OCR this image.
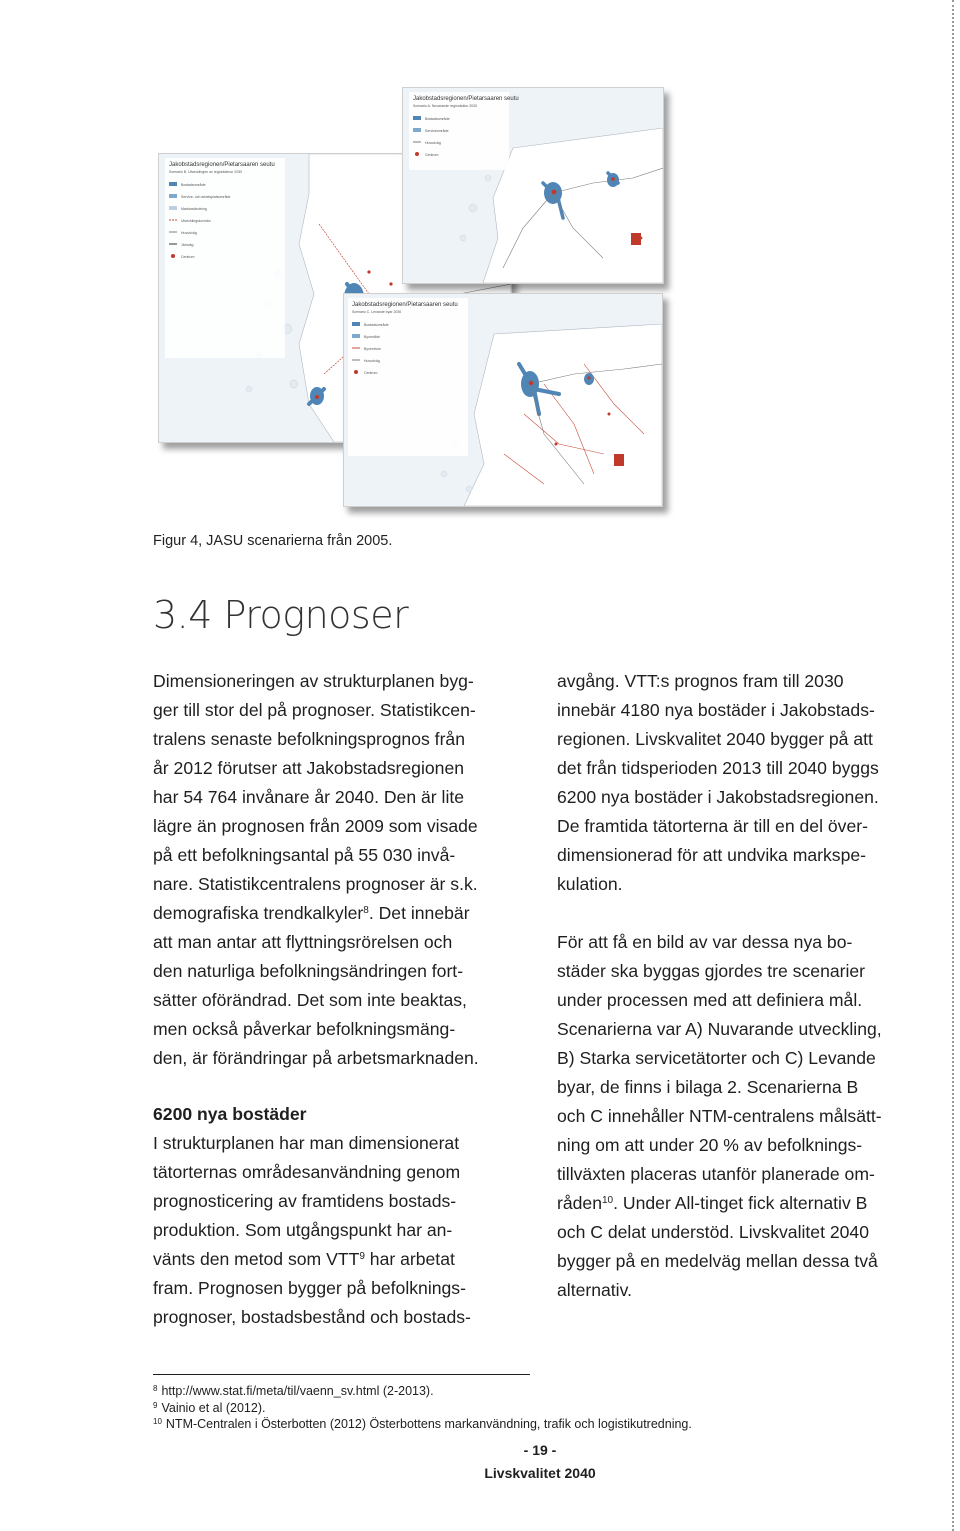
Jakobstadsregionen/Pietarsaaren seutu
Scenario B. Utvecklingen av regionkärnor 2030
Bostadsområde
Service- och arbetsplatsområde
Markanvändning
Utvecklingskorridor
Huvudväg
Järnväg
Centrum
Jakobstadsregionen/Pietarsaaren seutu
Scenario A. Nuvarande regionkultur 2030
Bostadsområde
Serviceområde
Huvudväg
Centrum
Jakobstadsregionen/Pietarsaaren seutu
Scenario C. Levande byar 2030
Bostadsområde
Byområde
Bycentrum
Huvudväg
Centrum
Figur 4, JASU scenarierna från 2005.
3.4 Prognoser

Dimensioneringen av strukturplanen byg-
ger till stor del på prognoser. Statistikcen-
tralens senaste befolkningsprognos från
år 2012 förutser att Jakobstadsregionen
har 54 764 invånare år 2040. Den är lite
lägre än prognosen från 2009 som visade
på ett befolkningsantal på 55 030 invå-
nare. Statistikcentralens prognoser är s.k.
demografiska trendkalkyler$^8$. Det innebär
att man antar att flyttningsrörelsen och
den naturliga befolkningsändringen fort-
sätter oförändrad. Det som inte beaktas,
men också påverkar befolkningsmäng-
den, är förändringar på arbetsmarknaden.

6200 nya bostäder

I strukturplanen har man dimensionerat
tätorternas områdesanvändning genom
prognosticering av framtidens bostads-
produktion. Som utgångspunkt har an-
vänts den metod som VTT$^9$ har arbetat
fram. Prognosen bygger på befolknings-
prognoser, bostadsbestånd och bostads-

avgång. VTT:s prognos fram till 2030
innebär 4180 nya bostäder i Jakobstads-
regionen. Livskvalitet 2040 bygger på att
det från tidsperioden 2013 till 2040 byggs
6200 nya bostäder i Jakobstadsregionen.
De framtida tätorterna är till en del över-
dimensionerad för att undvika markspe-
kulation.

För att få en bild av var dessa nya bo-
städer ska byggas gjordes tre scenarier
under processen med att definiera mål.
Scenarierna var A) Nuvarande utveckling,
B) Starka servicetätorter och C) Levande
byar, de finns i bilaga 2. Scenarierna B
och C innehåller NTM-centralens målsätt-
ning om att under 20 % av befolknings-
tillväxten placeras utanför planerade om-
råden$^{10}$. Under All-tinget fick alternativ B
och C delat understöd. Livskvalitet 2040
bygger på en medelväg mellan dessa två
alternativ.

$^8$ http://www.stat.fi/meta/til/vaenn_sv.html (2-2013).
$^9$ Vainio et al (2012).
$^{10}$ NTM-Centralen i Österbotten (2012) Österbottens markanvändning, trafik och logistikutredning.
- 19 -
Livskvalitet 2040
